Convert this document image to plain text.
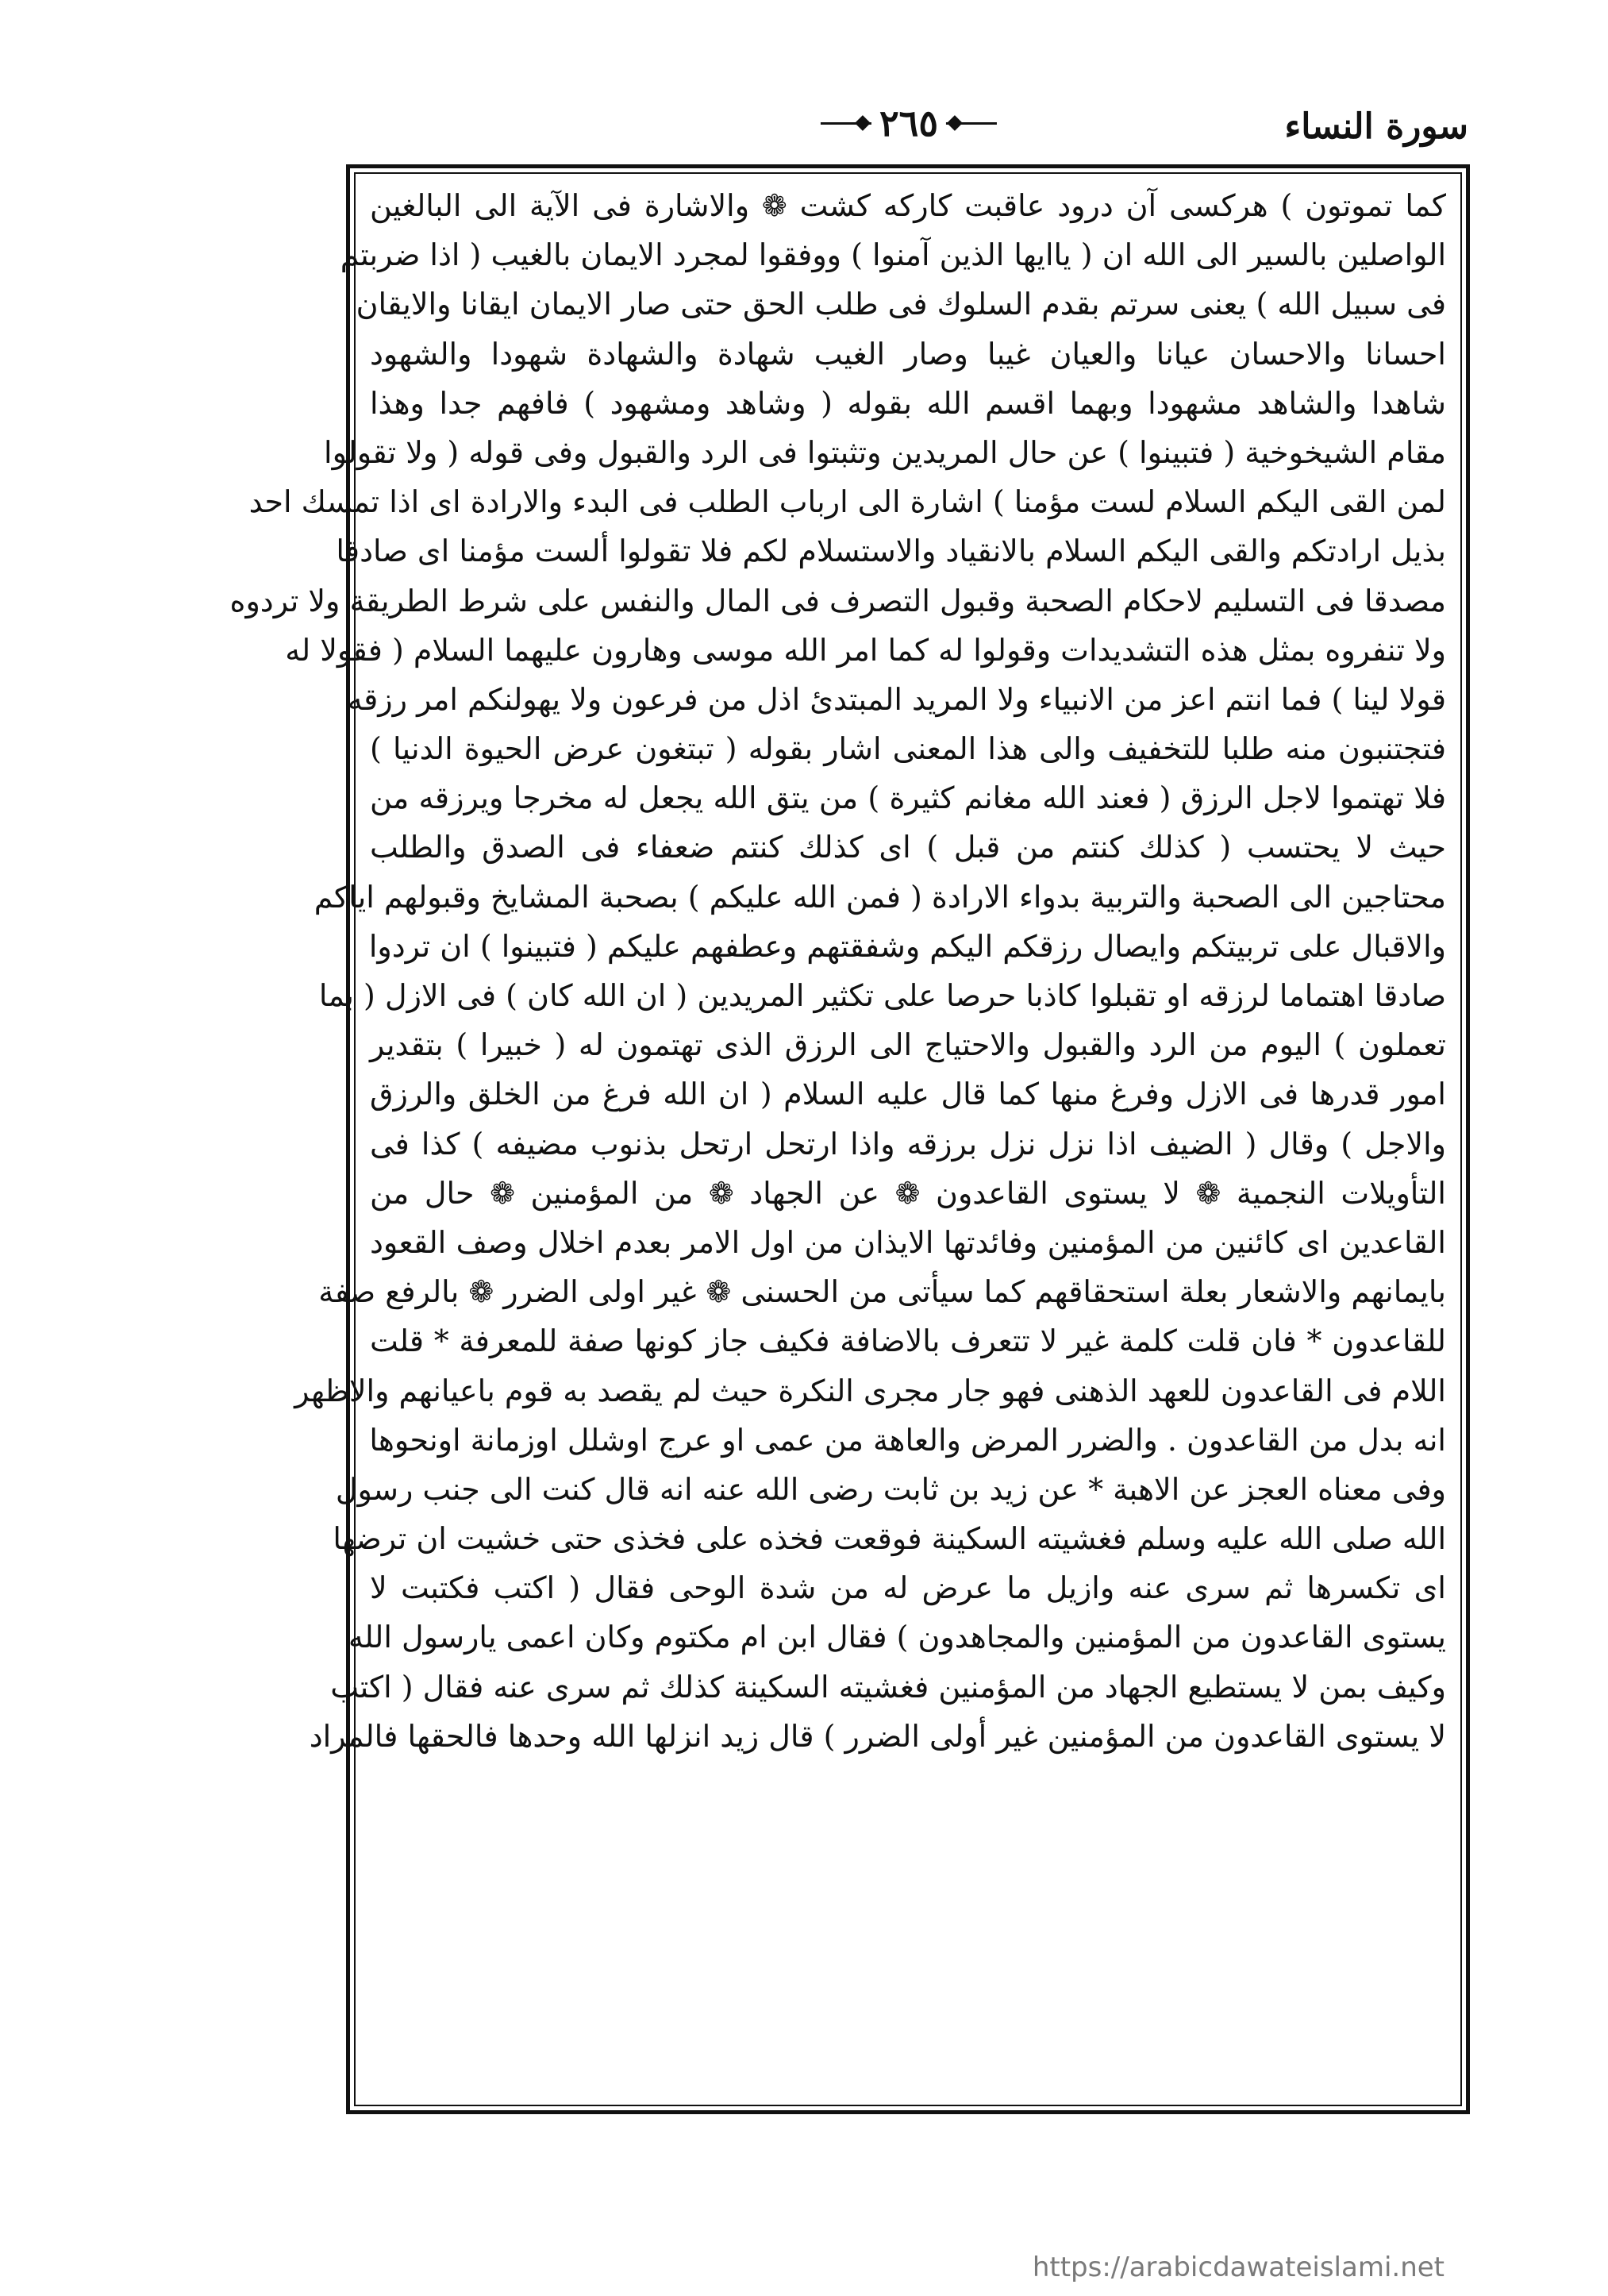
سورة النساء
٢٦٥
كما تموتون ) هركسى آن درود عاقبت كاركه كشت ❁ والاشارة فى الآية الى البالغين
الواصلين بالسير الى الله ان ( ياايها الذين آمنوا ) ووفقوا لمجرد الايمان بالغيب ( اذا ضربتم
فى سبيل الله ) يعنى سرتم بقدم السلوك فى طلب الحق حتى صار الايمان ايقانا والايقان
احسانا والاحسان عيانا والعيان غيبا وصار الغيب شهادة والشهادة شهودا والشهود
شاهدا والشاهد مشهودا وبهما اقسم الله بقوله ( وشاهد ومشهود ) فافهم جدا وهذا
مقام الشيخوخية ( فتبينوا ) عن حال المريدين وتثبتوا فى الرد والقبول وفى قوله ( ولا تقولوا
لمن القى اليكم السلام لست مؤمنا ) اشارة الى ارباب الطلب فى البدء والارادة اى اذا تمسك احد
بذيل ارادتكم والقى اليكم السلام بالانقياد والاستسلام لكم فلا تقولوا ألست مؤمنا اى صادقا
مصدقا فى التسليم لاحكام الصحبة وقبول التصرف فى المال والنفس على شرط الطريقة ولا تردوه
ولا تنفروه بمثل هذه التشديدات وقولوا له كما امر الله موسى وهارون عليهما السلام ( فقولا له
قولا لينا ) فما انتم اعز من الانبياء ولا المريد المبتدئ اذل من فرعون ولا يهولنكم امر رزقه
فتجتنبون منه طلبا للتخفيف والى هذا المعنى اشار بقوله ( تبتغون عرض الحيوة الدنيا )
فلا تهتموا لاجل الرزق ( فعند الله مغانم كثيرة ) من يتق الله يجعل له مخرجا ويرزقه من
حيث لا يحتسب ( كذلك كنتم من قبل ) اى كذلك كنتم ضعفاء فى الصدق والطلب
محتاجين الى الصحبة والتربية بدواء الارادة ( فمن الله عليكم ) بصحبة المشايخ وقبولهم اياكم
والاقبال على تربيتكم وايصال رزقكم اليكم وشفقتهم وعطفهم عليكم ( فتبينوا ) ان تردوا
صادقا اهتماما لرزقه او تقبلوا كاذبا حرصا على تكثير المريدين ( ان الله كان ) فى الازل ( بما
تعملون ) اليوم من الرد والقبول والاحتياج الى الرزق الذى تهتمون له ( خبيرا ) بتقدير
امور قدرها فى الازل وفرغ منها كما قال عليه السلام ( ان الله فرغ من الخلق والرزق
والاجل ) وقال ( الضيف اذا نزل نزل برزقه واذا ارتحل ارتحل بذنوب مضيفه ) كذا فى
التأويلات النجمية ❁ لا يستوى القاعدون ❁ عن الجهاد ❁ من المؤمنين ❁ حال من
القاعدين اى كائنين من المؤمنين وفائدتها الايذان من اول الامر بعدم اخلال وصف القعود
بايمانهم والاشعار بعلة استحقاقهم كما سيأتى من الحسنى ❁ غير اولى الضرر ❁ بالرفع صفة
للقاعدون * فان قلت كلمة غير لا تتعرف بالاضافة فكيف جاز كونها صفة للمعرفة * قلت
اللام فى القاعدون للعهد الذهنى فهو جار مجرى النكرة حيث لم يقصد به قوم باعيانهم والاظهر
انه بدل من القاعدون . والضرر المرض والعاهة من عمى او عرج اوشلل اوزمانة اونحوها
وفى معناه العجز عن الاهبة * عن زيد بن ثابت رضى الله عنه انه قال كنت الى جنب رسول
الله صلى الله عليه وسلم فغشيته السكينة فوقعت فخذه على فخذى حتى خشيت ان ترضها
اى تكسرها ثم سرى عنه وازيل ما عرض له من شدة الوحى فقال ( اكتب فكتبت لا
يستوى القاعدون من المؤمنين والمجاهدون ) فقال ابن ام مكتوم وكان اعمى يارسول الله
وكيف بمن لا يستطيع الجهاد من المؤمنين فغشيته السكينة كذلك ثم سرى عنه فقال ( اكتب
لا يستوى القاعدون من المؤمنين غير أولى الضرر ) قال زيد انزلها الله وحدها فالحقها فالمراد
https://arabicdawateislami.net
